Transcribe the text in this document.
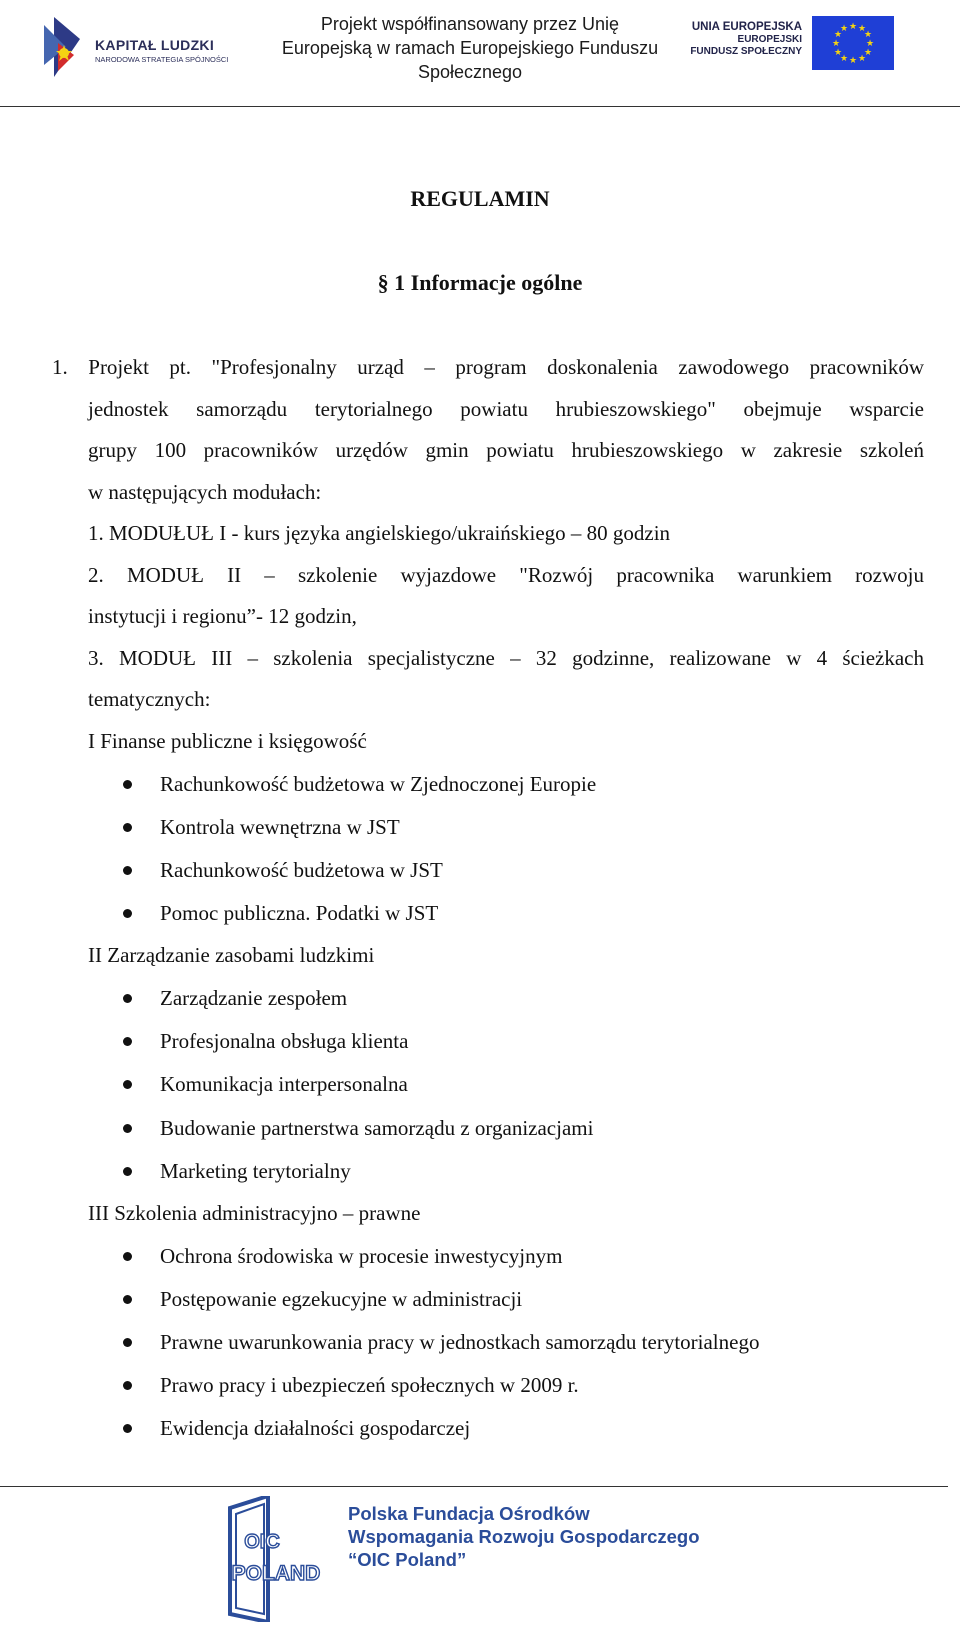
KAPITAŁ LUDZKI
NARODOWA STRATEGIA SPÓJNOŚCI
Projekt współfinansowany przez Unię
Europejską w ramach Europejskiego Funduszu
Społecznego
UNIA EUROPEJSKA
EUROPEJSKI
FUNDUSZ SPOŁECZNY
★ ★
★
★
★
★
★
★
★
★
★
★
REGULAMIN
§ 1 Informacje ogólne
1. Projekt pt. "Profesjonalny urząd – program doskonalenia zawodowego pracowników
jednostek samorządu terytorialnego powiatu hrubieszowskiego" obejmuje wsparcie
grupy 100 pracowników urzędów gmin powiatu hrubieszowskiego w zakresie szkoleń
w następujących modułach:
1. MODUŁUŁ I - kurs języka angielskiego/ukraińskiego – 80 godzin
2. MODUŁ II – szkolenie wyjazdowe "Rozwój pracownika warunkiem rozwoju
instytucji i regionu”- 12 godzin,
3. MODUŁ III – szkolenia specjalistyczne – 32 godzinne, realizowane w 4 ścieżkach
tematycznych:
I Finanse publiczne i księgowość
Rachunkowość budżetowa w Zjednoczonej Europie
Kontrola wewnętrzna w JST
Rachunkowość budżetowa w JST
Pomoc publiczna. Podatki w JST
II Zarządzanie zasobami ludzkimi
Zarządzanie zespołem
Profesjonalna obsługa klienta
Komunikacja interpersonalna
Budowanie partnerstwa samorządu z organizacjami
Marketing terytorialny
III Szkolenia administracyjno – prawne
Ochrona środowiska w procesie inwestycyjnym
Postępowanie egzekucyjne w administracji
Prawne uwarunkowania pracy w jednostkach samorządu terytorialnego
Prawo pracy i ubezpieczeń społecznych w 2009 r.
Ewidencja działalności gospodarczej
OIC
POLAND
Polska Fundacja Ośrodków
Wspomagania Rozwoju Gospodarczego
“OIC Poland”
